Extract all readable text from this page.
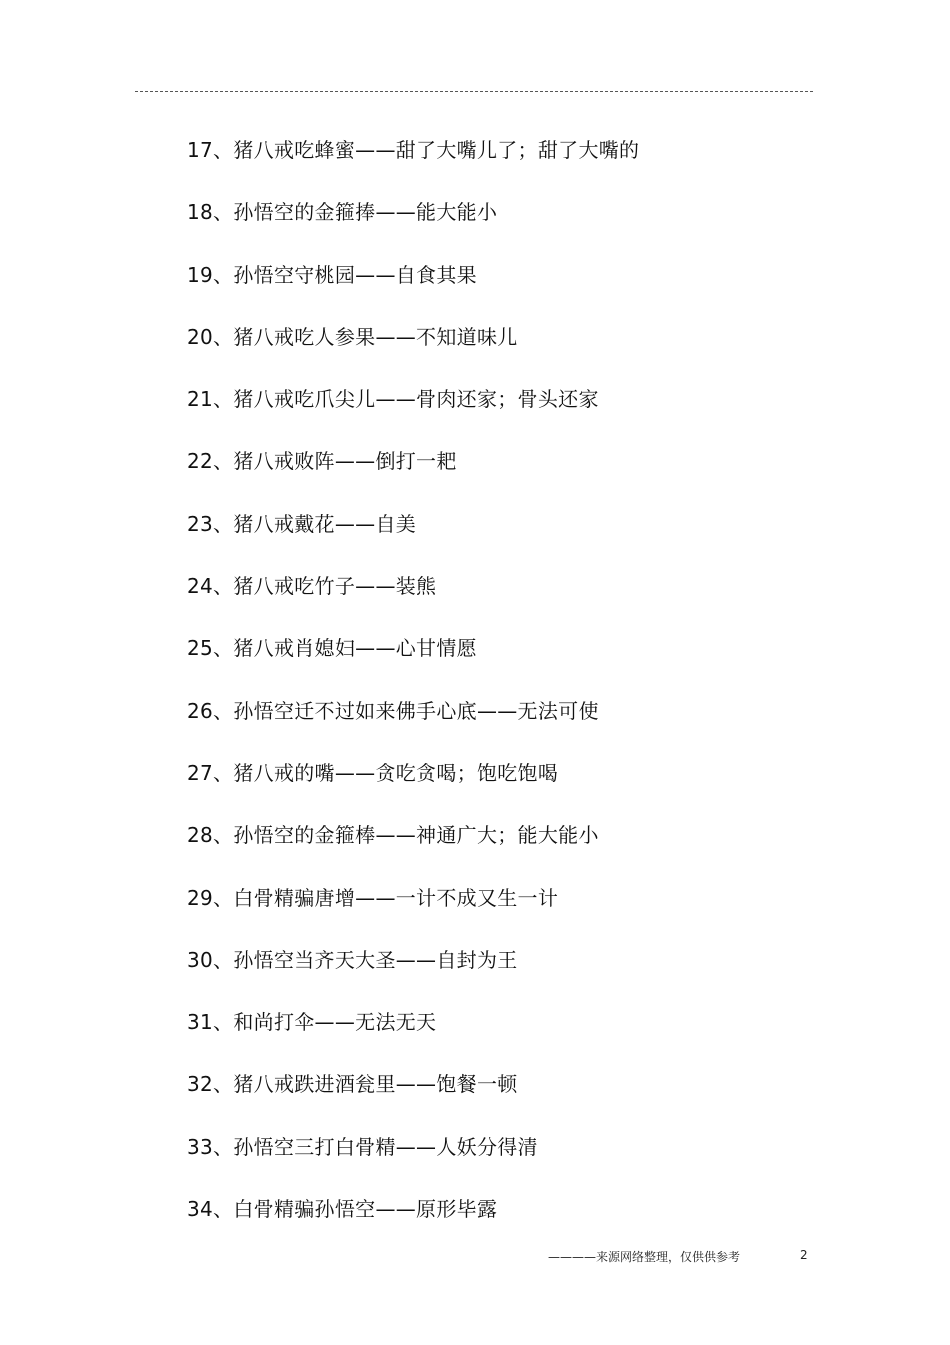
17、猪八戒吃蜂蜜——甜了大嘴儿了；甜了大嘴的
18、孙悟空的金箍捧——能大能小
19、孙悟空守桃园——自食其果
20、猪八戒吃人参果——不知道味儿
21、猪八戒吃爪尖儿——骨肉还家；骨头还家
22、猪八戒败阵——倒打一耙
23、猪八戒戴花——自美
24、猪八戒吃竹子——装熊
25、猪八戒肖媳妇——心甘情愿
26、孙悟空迁不过如来佛手心底——无法可使
27、猪八戒的嘴——贪吃贪喝；饱吃饱喝
28、孙悟空的金箍棒——神通广大；能大能小
29、白骨精骗唐增——一计不成又生一计
30、孙悟空当齐天大圣——自封为王
31、和尚打伞——无法无天
32、猪八戒跌进酒瓮里——饱餐一顿
33、孙悟空三打白骨精——人妖分得清
34、白骨精骗孙悟空——原形毕露
————来源网络整理，仅供供参考	2
